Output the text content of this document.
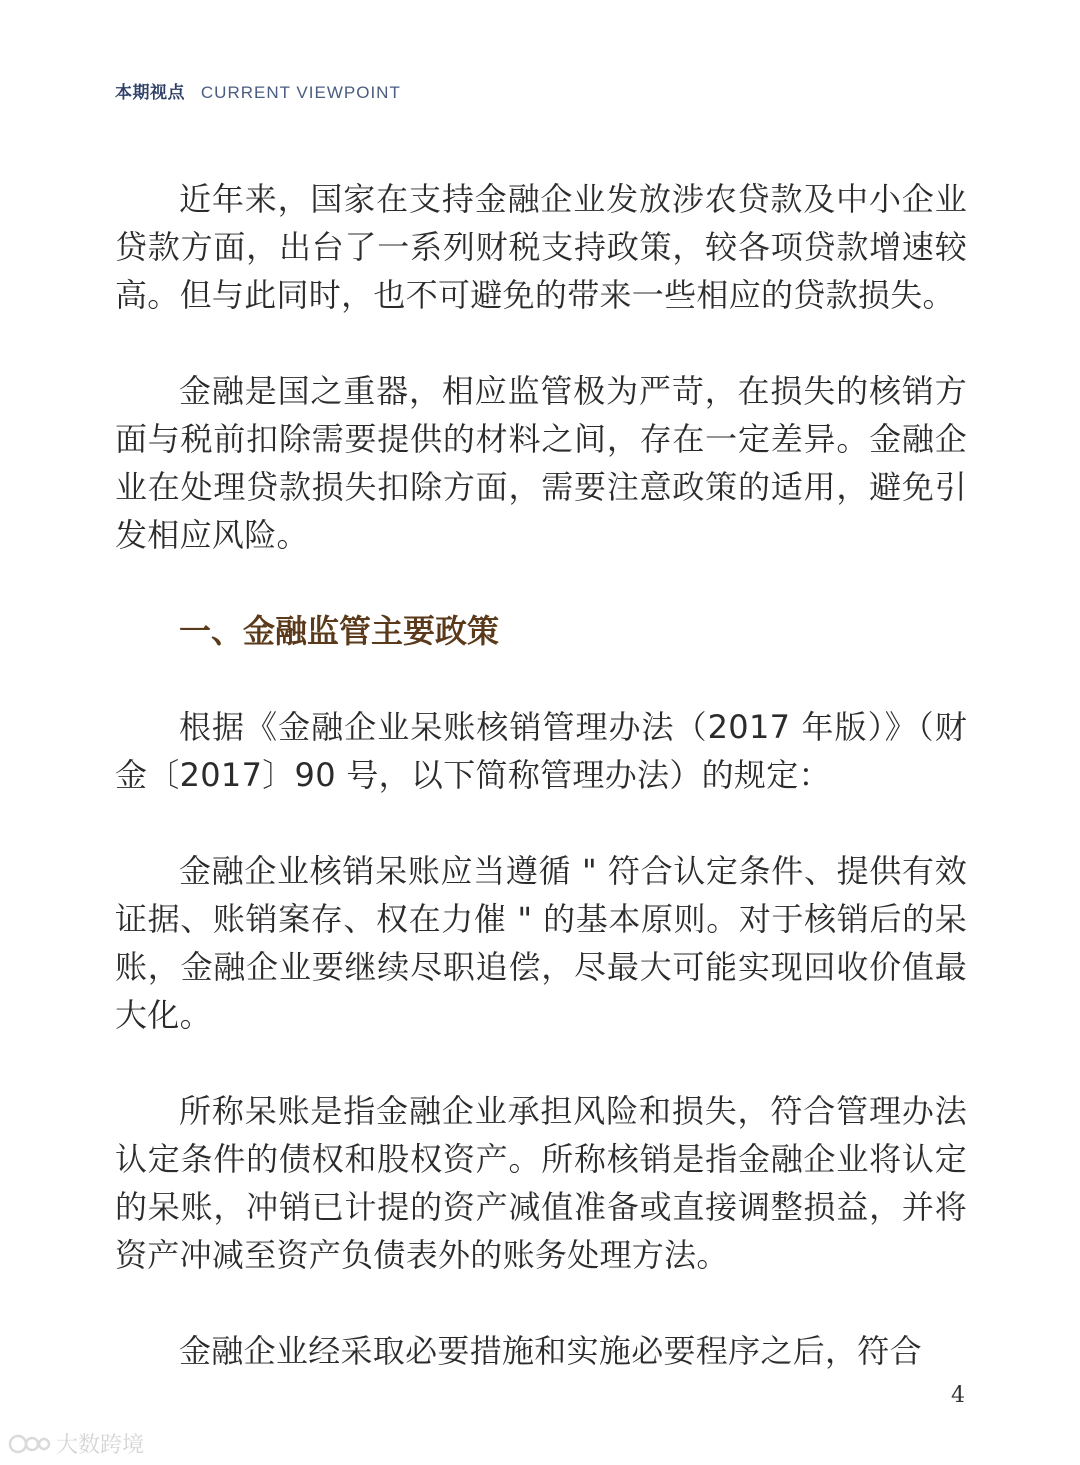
本期视点 CURRENT VIEWPOINT

近年来，国家在支持金融企业发放涉农贷款及中小企业贷款方面，出台了一系列财税支持政策，较各项贷款增速较高。但与此同时，也不可避免的带来一些相应的贷款损失。

金融是国之重器，相应监管极为严苛，在损失的核销方面与税前扣除需要提供的材料之间，存在一定差异。金融企业在处理贷款损失扣除方面，需要注意政策的适用，避免引发相应风险。

一、金融监管主要政策

根据《金融企业呆账核销管理办法（2017 年版）》（财金〔2017〕90 号，以下简称管理办法）的规定：

金融企业核销呆账应当遵循 " 符合认定条件、提供有效证据、账销案存、权在力催 " 的基本原则。对于核销后的呆账，金融企业要继续尽职追偿，尽最大可能实现回收价值最大化。

所称呆账是指金融企业承担风险和损失，符合管理办法认定条件的债权和股权资产。所称核销是指金融企业将认定的呆账，冲销已计提的资产减值准备或直接调整损益，并将资产冲减至资产负债表外的账务处理方法。

金融企业经采取必要措施和实施必要程序之后，符合

4
大数跨境
